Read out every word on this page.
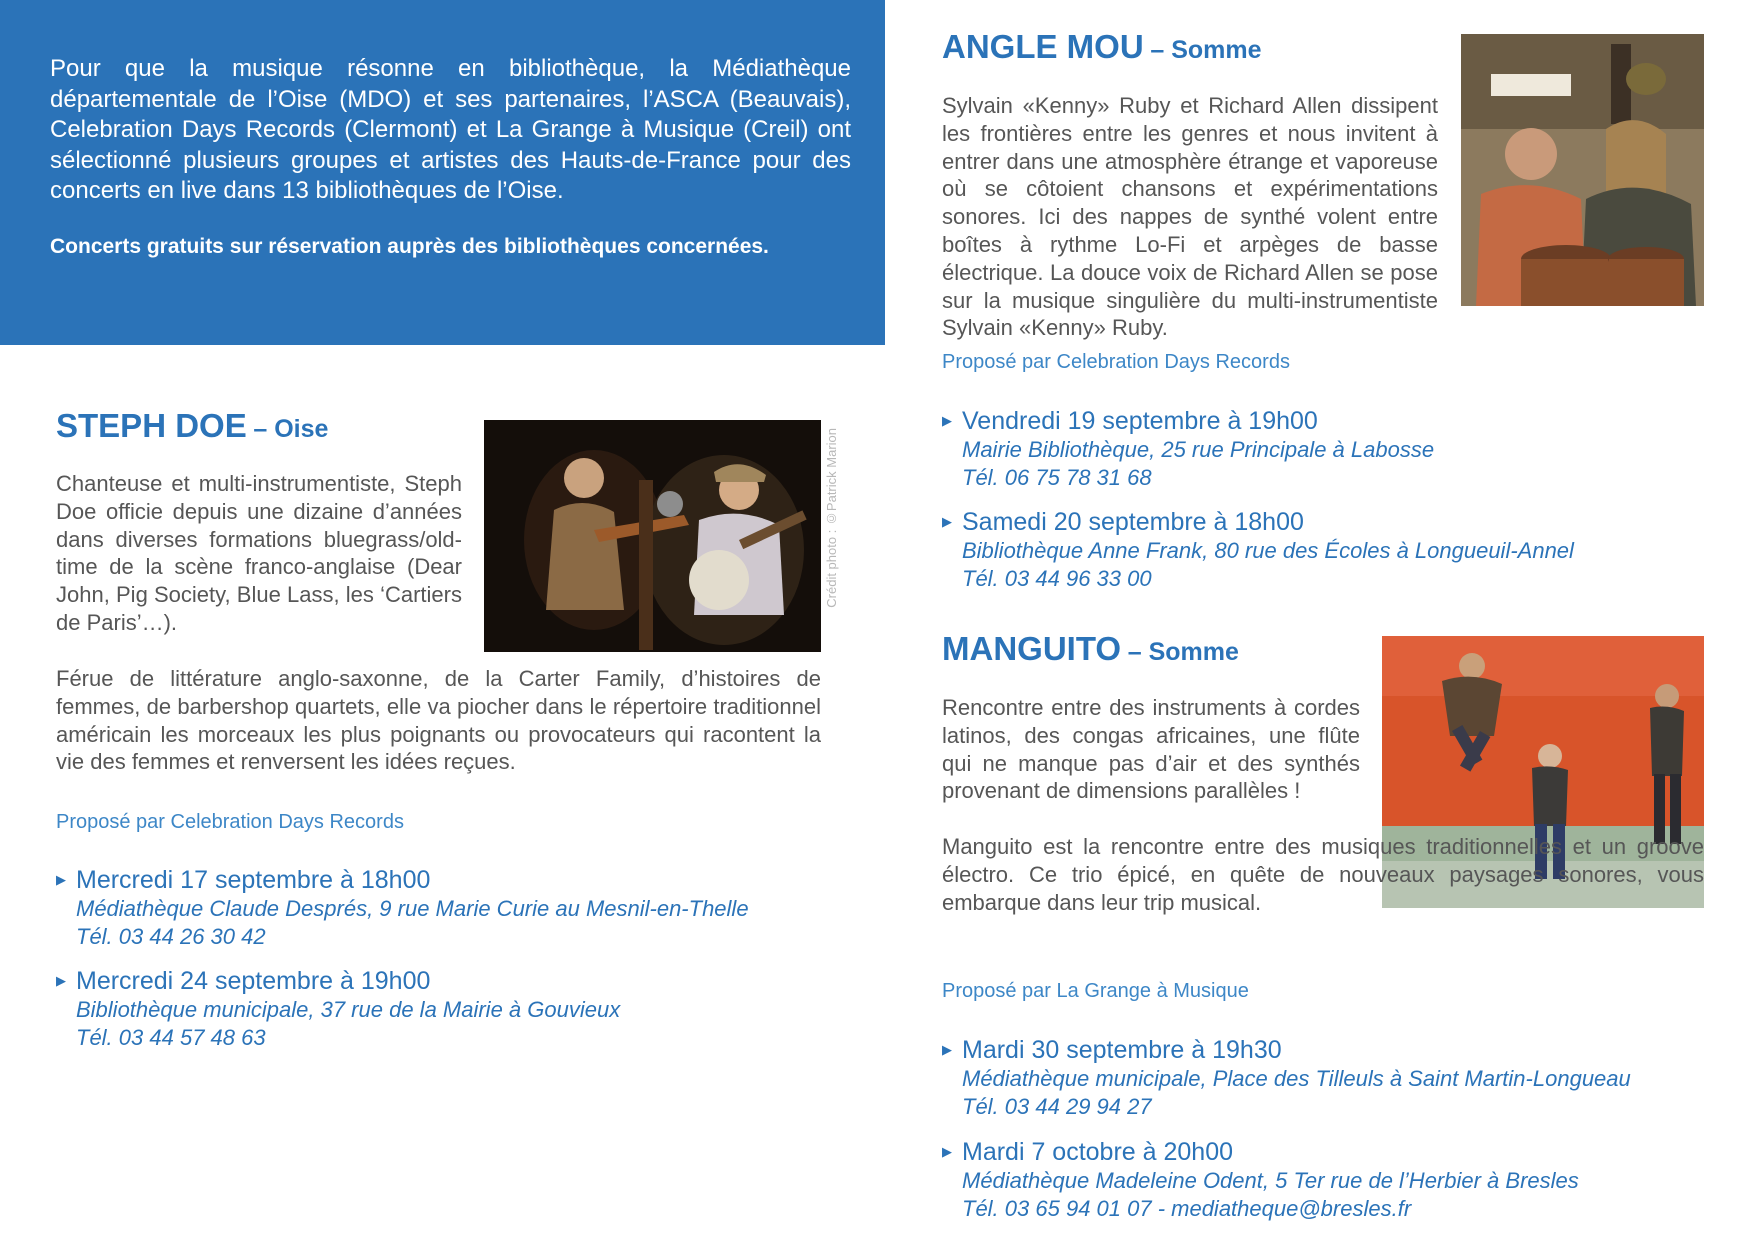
Pour que la musique résonne en bibliothèque, la Médiathèque départementale de l’Oise (MDO) et ses partenaires, l’ASCA (Beauvais), Celebration Days Records (Clermont) et La Grange à Musique (Creil) ont sélectionné plusieurs groupes et artistes des Hauts-de-France pour des concerts en live dans 13 bibliothèques de l’Oise.

Concerts gratuits sur réservation auprès des bibliothèques concernées.

STEPH DOE – Oise	Crédit photo : ©Patrick Marion

Chanteuse et multi-instrumentiste, Steph Doe officie depuis une dizaine d’années dans diverses formations bluegrass/old-time de la scène franco-anglaise (Dear John, Pig Society, Blue Lass, les ‘Cartiers de Paris’…).

Férue de littérature anglo-saxonne, de la Carter Family, d’histoires de femmes, de barbershop quartets, elle va piocher dans le répertoire traditionnel américain les morceaux les plus poignants ou provocateurs qui racontent la vie des femmes et renversent les idées reçues.

Proposé par Celebration Days Records

▶ Mercredi 17 septembre à 18h00
Médiathèque Claude Després, 9 rue Marie Curie au Mesnil-en-Thelle
Tél. 03 44 26 30 42
▶ Mercredi 24 septembre à 19h00
Bibliothèque municipale, 37 rue de la Mairie à Gouvieux
Tél. 03 44 57 48 63
ANGLE MOU – Somme

Sylvain «Kenny» Ruby et Richard Allen dissipent les frontières entre les genres et nous invitent à entrer dans une atmosphère étrange et vaporeuse où se côtoient chansons et expérimentations sonores. Ici des nappes de synthé volent entre boîtes à rythme Lo-Fi et arpèges de basse électrique. La douce voix de Richard Allen se pose sur la musique singulière du multi-instrumentiste Sylvain «Kenny» Ruby.

Proposé par Celebration Days Records

▶ Vendredi 19 septembre à 19h00
Mairie Bibliothèque, 25 rue Principale à Labosse
Tél. 06 75 78 31 68
▶ Samedi 20 septembre à 18h00
Bibliothèque Anne Frank, 80 rue des Écoles à Longueuil-Annel
Tél. 03 44 96 33 00
MANGUITO – Somme

Rencontre entre des instruments à cordes latinos, des congas africaines, une flûte qui ne manque pas d’air et des synthés provenant de dimensions parallèles !

Manguito est la rencontre entre des musiques traditionnelles et un groove électro. Ce trio épicé, en quête de nouveaux paysages sonores, vous embarque dans leur trip musical.

Proposé par La Grange à Musique

▶ Mardi 30 septembre à 19h30
Médiathèque municipale, Place des Tilleuls à Saint Martin-Longueau
Tél. 03 44 29 94 27
▶ Mardi 7 octobre à 20h00
Médiathèque Madeleine Odent, 5 Ter rue de l’Herbier à Bresles
Tél. 03 65 94 01 07 - mediatheque@bresles.fr
